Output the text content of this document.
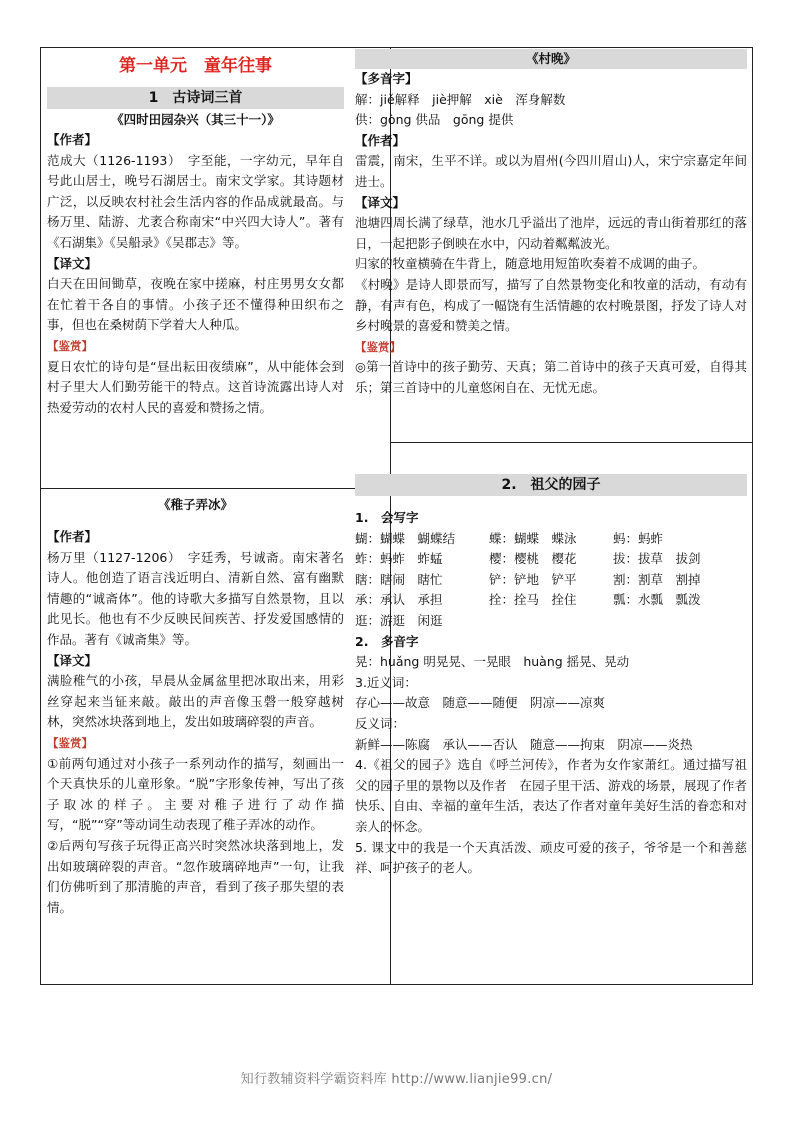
第一单元　童年往事
1　古诗词三首
《四时田园杂兴（其三十一）》
【作者】

范成大（1126-1193）　字至能，一字幼元，早年自号此山居士，晚号石湖居士。南宋文学家。其诗题材广泛，以反映农村社会生活内容的作品成就最高。与杨万里、陆游、尤袤合称南宋“中兴四大诗人”。著有《石湖集》《吴船录》《吴郡志》等。

【译文】

白天在田间锄草，夜晚在家中搓麻，村庄男男女女都在忙着干各自的事情。小孩子还不懂得种田织布之事，但也在桑树荫下学着大人种瓜。

【鉴赏】

夏日农忙的诗句是“昼出耘田夜绩麻”，从中能体会到村子里大人们勤劳能干的特点。这首诗流露出诗人对热爱劳动的农村人民的喜爱和赞扬之情。

《稚子弄冰》
【作者】

杨万里（1127-1206）　字廷秀，号诚斋。南宋著名诗人。他创造了语言浅近明白、清新自然、富有幽默情趣的“诚斋体”。他的诗歌大多描写自然景物，且以此见长。他也有不少反映民间疾苦、抒发爱国感情的作品。著有《诚斋集》等。

【译文】

满脸稚气的小孩，早晨从金属盆里把冰取出来，用彩丝穿起来当钲来敲。敲出的声音像玉磬一般穿越树林，突然冰块落到地上，发出如玻璃碎裂的声音。

【鉴赏】

①前两句通过对小孩子一系列动作的描写，刻画出一个天真快乐的儿童形象。“脱”字形象传神，写出了孩子取冰的样子。主要对稚子进行了动作描写，“脱”“穿”等动词生动表现了稚子弄冰的动作。

②后两句写孩子玩得正高兴时突然冰块落到地上，发出如玻璃碎裂的声音。“忽作玻璃碎地声”一句，让我们仿佛听到了那清脆的声音，看到了孩子那失望的表情。

《村晚》
【多音字】

解：jiě解释　jiè押解　xiè　浑身解数

供：gòng 供品　gōng 提供

【作者】

雷震，南宋，生平不详。或以为眉州(今四川眉山)人，宋宁宗嘉定年间进士。

【译文】

池塘四周长满了绿草，池水几乎溢出了池岸，远远的青山街着那红的落日，一起把影子倒映在水中，闪动着粼粼波光。

归家的牧童横骑在牛背上，随意地用短笛吹奏着不成调的曲子。

《村晚》是诗人即景而写，描写了自然景物变化和牧童的活动，有动有静，有声有色，构成了一幅饶有生活情趣的农村晚景图，抒发了诗人对乡村晚景的喜爱和赞美之情。

【鉴赏】

◎第一首诗中的孩子勤劳、天真；第二首诗中的孩子天真可爱，自得其乐；第三首诗中的儿童悠闲自在、无忧无虑。

2.　祖父的园子
1.　会写字
蝴：蝴蝶　蝴蝶结	蝶：蝴蝶　蝶泳	蚂：蚂蚱
蚱：蚂蚱　蚱蜢	樱：樱桃　樱花	拔：拔草　拔剑
瞎：瞎闹　瞎忙	铲：铲地　铲平	割：割草　割掉
承：承认　承担	拴：拴马　拴住	瓢：水瓢　瓢泼
逛：游逛　闲逛
2.　多音字

晃：huǎng 明晃晃、一晃眼　huàng 摇晃、晃动

3.近义词：

存心——故意　随意——随便　阴凉——凉爽

反义词：

新鲜——陈腐　承认——否认　随意——拘束　阴凉——炎热

4.《祖父的园子》选自《呼兰河传》，作者为女作家萧红。通过描写祖父的园子里的景物以及作者　在园子里干活、游戏的场景，展现了作者快乐、自由、幸福的童年生活，表达了作者对童年美好生活的眷恋和对亲人的怀念。

5. 课文中的我是一个天真活泼、顽皮可爱的孩子，爷爷是一个和善慈祥、呵护孩子的老人。

知行教辅资料学霸资料库 http://www.lianjie99.cn/
